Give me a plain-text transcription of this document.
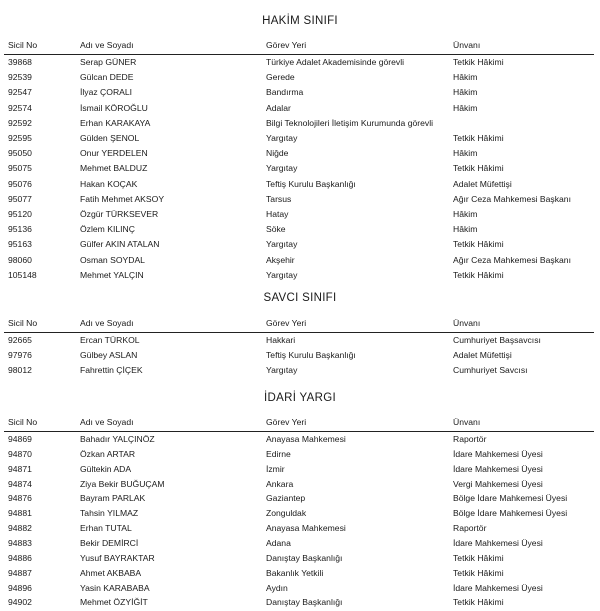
HAKİM SINIFI
Sicil No	Adı ve Soyadı	Görev Yeri	Ünvanı
39868	Serap GÜNER	Türkiye Adalet Akademisinde görevli	Tetkik Hâkimi
92539	Gülcan DEDE	Gerede	Hâkim
92547	İlyaz ÇORALI	Bandırma	Hâkim
92574	İsmail KÖROĞLU	Adalar	Hâkim
92592	Erhan KARAKAYA	Bilgi Teknolojileri İletişim Kurumunda görevli
92595	Gülden ŞENOL	Yargıtay	Tetkik Hâkimi
95050	Onur YERDELEN	Niğde	Hâkim
95075	Mehmet BALDUZ	Yargıtay	Tetkik Hâkimi
95076	Hakan KOÇAK	Teftiş Kurulu Başkanlığı	Adalet Müfettişi
95077	Fatih Mehmet AKSOY	Tarsus	Ağır Ceza Mahkemesi Başkanı
95120	Özgür TÜRKSEVER	Hatay	Hâkim
95136	Özlem KILINÇ	Söke	Hâkim
95163	Gülfer AKIN ATALAN	Yargıtay	Tetkik Hâkimi
98060	Osman SOYDAL	Akşehir	Ağır Ceza Mahkemesi Başkanı
105148	Mehmet YALÇIN	Yargıtay	Tetkik Hâkimi
SAVCI SINIFI
Sicil No	Adı ve Soyadı	Görev Yeri	Ünvanı
92665	Ercan TÜRKOL	Hakkari	Cumhuriyet Başsavcısı
97976	Gülbey ASLAN	Teftiş Kurulu Başkanlığı	Adalet Müfettişi
98012	Fahrettin ÇİÇEK	Yargıtay	Cumhuriyet Savcısı
İDARİ YARGI
Sicil No	Adı ve Soyadı	Görev Yeri	Ünvanı
94869	Bahadır YALÇINÖZ	Anayasa Mahkemesi	Raportör
94870	Özkan ARTAR	Edirne	İdare Mahkemesi Üyesi
94871	Gültekin ADA	İzmir	İdare Mahkemesi Üyesi
94874	Ziya Bekir BUĞUÇAM	Ankara	Vergi Mahkemesi Üyesi
94876	Bayram PARLAK	Gaziantep	Bölge İdare Mahkemesi Üyesi
94881	Tahsin YILMAZ	Zonguldak	Bölge İdare Mahkemesi Üyesi
94882	Erhan TUTAL	Anayasa Mahkemesi	Raportör
94883	Bekir DEMİRCİ	Adana	İdare Mahkemesi Üyesi
94886	Yusuf BAYRAKTAR	Danıştay Başkanlığı	Tetkik Hâkimi
94887	Ahmet AKBABA	Bakanlık Yetkili	Tetkik Hâkimi
94896	Yasin KARABABA	Aydın	İdare Mahkemesi Üyesi
94902	Mehmet ÖZYİĞİT	Danıştay Başkanlığı	Tetkik Hâkimi
